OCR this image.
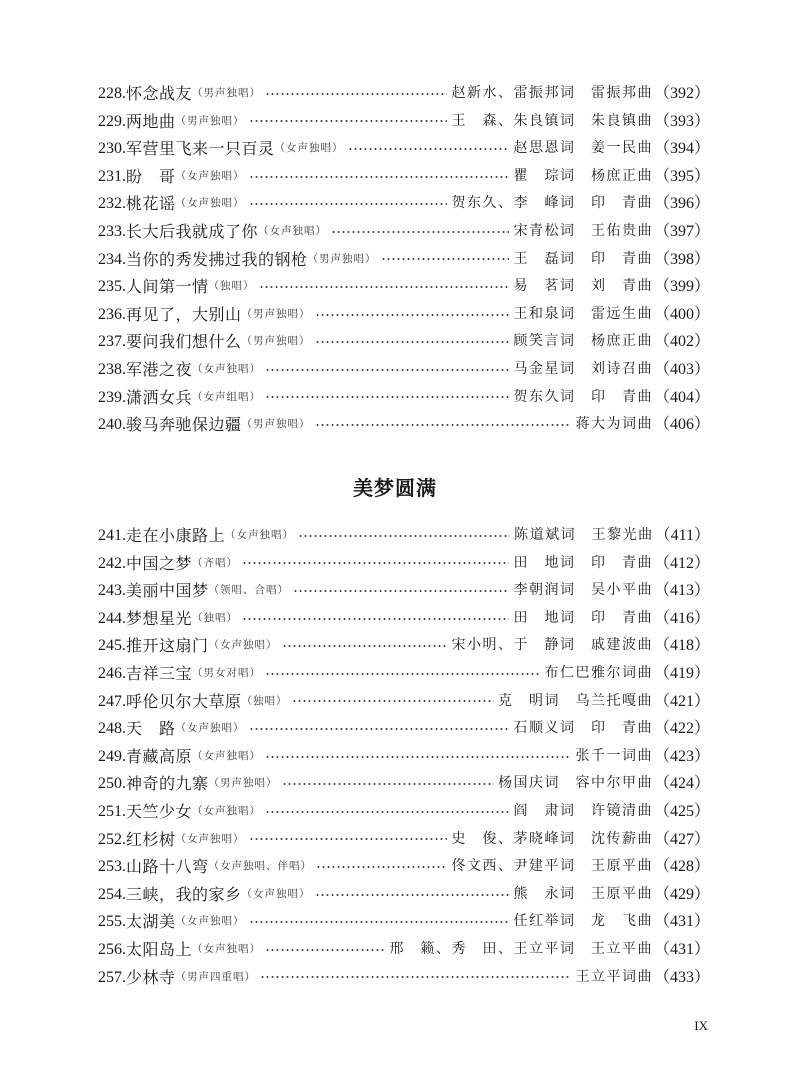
228. 怀念战友 （男声独唱）	赵新水、雷振邦词　雷振邦曲 （392）
229. 两地曲 （男声独唱）	王　森、朱良镇词　朱良镇曲 （393）
230. 军营里飞来一只百灵 （女声独唱）	赵思恩词　姜一民曲 （394）
231. 盼　哥 （女声独唱）	瞿　琮词　杨庶正曲 （395）
232. 桃花谣 （女声独唱）	贺东久、李　峰词　印　青曲 （396）
233. 长大后我就成了你 （女声独唱）	宋青松词　王佑贵曲 （397）
234. 当你的秀发拂过我的钢枪 （男声独唱）	王　磊词　印　青曲 （398）
235. 人间第一情 （独唱）	易　茗词　刘　青曲 （399）
236. 再见了，大别山 （男声独唱）	王和泉词　雷远生曲 （400）
237. 要问我们想什么 （男声独唱）	顾笑言词　杨庶正曲 （402）
238. 军港之夜 （女声独唱）	马金星词　刘诗召曲 （403）
239. 潇洒女兵 （女声组唱）	贺东久词　印　青曲 （404）
240. 骏马奔驰保边疆 （男声独唱）	蒋大为词曲 （406）
美梦圆满
241. 走在小康路上 （女声独唱）	陈道斌词　王黎光曲 （411）
242. 中国之梦 （齐唱）	田　地词　印　青曲 （412）
243. 美丽中国梦 （领唱、合唱）	李朝润词　吴小平曲 （413）
244. 梦想星光 （独唱）	田　地词　印　青曲 （416）
245. 推开这扇门 （女声独唱）	宋小明、于　静词　戚建波曲 （418）
246. 吉祥三宝 （男女对唱）	布仁巴雅尔词曲 （419）
247. 呼伦贝尔大草原 （独唱）	克　明词　乌兰托嘎曲 （421）
248. 天　路 （女声独唱）	石顺义词　印　青曲 （422）
249. 青藏高原 （女声独唱）	张千一词曲 （423）
250. 神奇的九寨 （男声独唱）	杨国庆词　容中尔甲曲 （424）
251. 天竺少女 （女声独唱）	阎　肃词　许镜清曲 （425）
252. 红杉树 （女声独唱）	史　俊、茅晓峰词　沈传薪曲 （427）
253. 山路十八弯 （女声独唱、伴唱）	佟文西、尹建平词　王原平曲 （428）
254. 三峡，我的家乡 （女声独唱）	熊　永词　王原平曲 （429）
255. 太湖美 （女声独唱）	任红举词　龙　飞曲 （431）
256. 太阳岛上 （女声独唱）	邢　籁、秀　田、王立平词　王立平曲 （431）
257. 少林寺 （男声四重唱）	王立平词曲 （433）
IX
